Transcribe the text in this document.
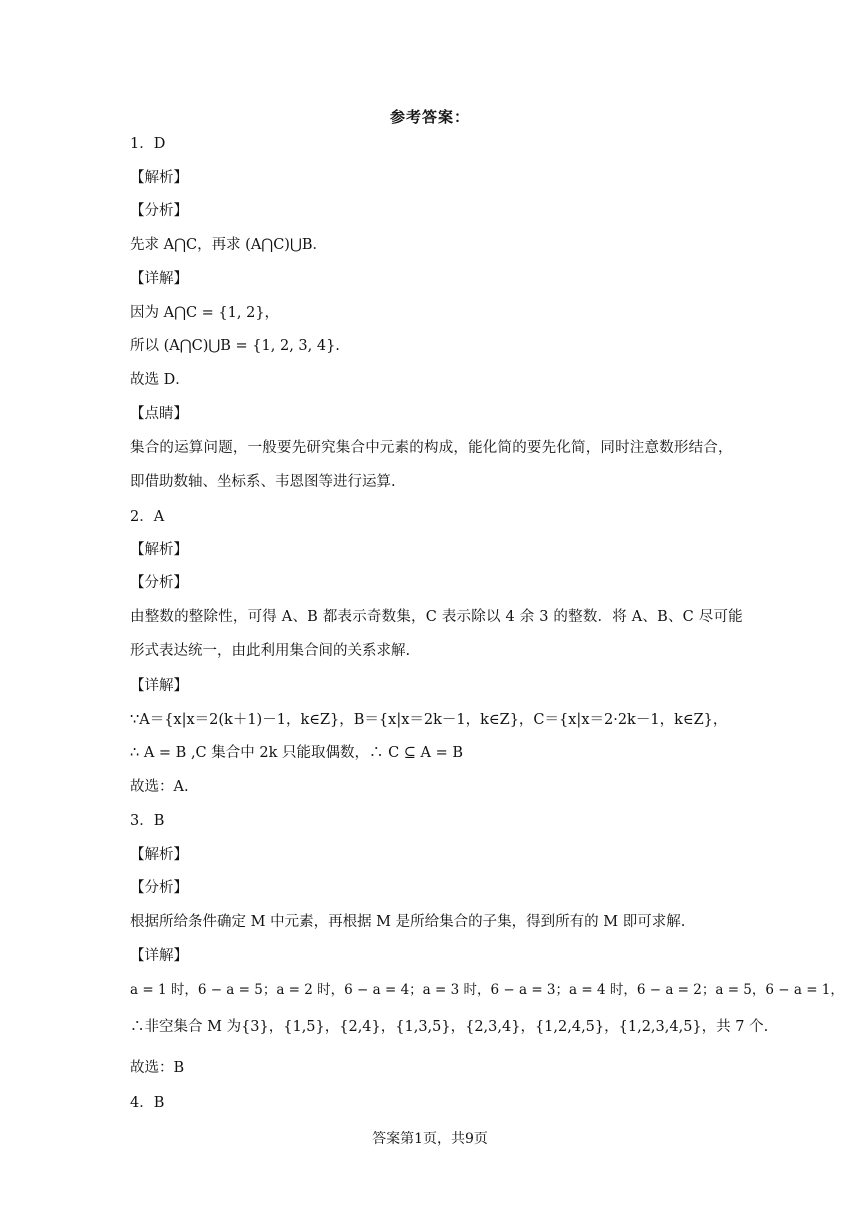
参考答案：
1．D
【解析】
【分析】
先求 A⋂C，再求 (A⋂C)⋃B．
【详解】
因为 A⋂C = {1, 2}，
所以 (A⋂C)⋃B = {1, 2, 3, 4}.
故选 D．
【点睛】
集合的运算问题，一般要先研究集合中元素的构成，能化简的要先化简，同时注意数形结合，
即借助数轴、坐标系、韦恩图等进行运算.
2．A
【解析】
【分析】
由整数的整除性，可得 A、B 都表示奇数集，C 表示除以 4 余 3 的整数．将 A、B、C 尽可能
形式表达统一，由此利用集合间的关系求解.
【详解】
∵A＝{x|x＝2(k＋1)－1，k∈Z}，B＝{x|x＝2k－1，k∈Z}，C＝{x|x＝2·2k－1，k∈Z}，
∴ A = B ,C 集合中 2k 只能取偶数，∴ C ⊆ A = B
故选：A.
3．B
【解析】
【分析】
根据所给条件确定 M 中元素，再根据 M 是所给集合的子集，得到所有的 M 即可求解.
【详解】
a = 1 时，6 − a = 5；a = 2 时，6 − a = 4；a = 3 时，6 − a = 3；a = 4 时，6 − a = 2；a = 5，6 − a = 1，
∴非空集合 M 为{3}，{1,5}，{2,4}，{1,3,5}，{2,3,4}，{1,2,4,5}，{1,2,3,4,5}，共 7 个.
故选：B
4．B
答案第1页，共9页
